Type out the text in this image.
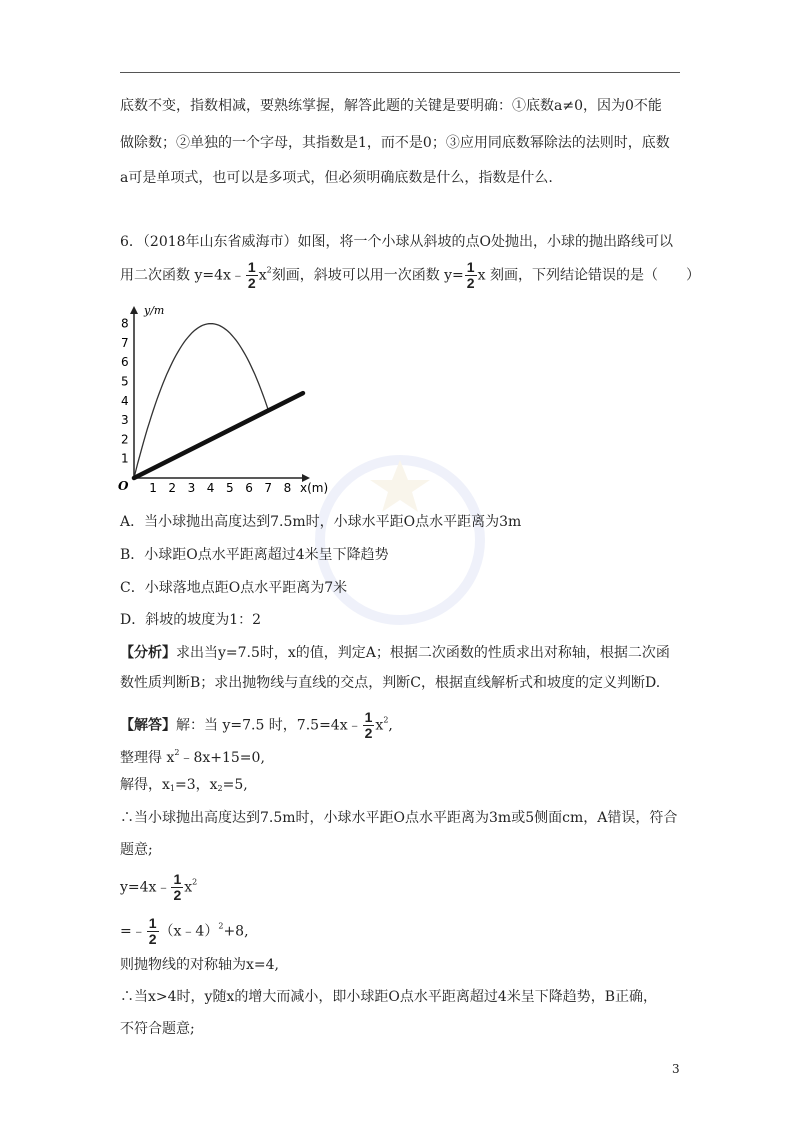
底数不变，指数相减，要熟练掌握，解答此题的关键是要明确：①底数a≠0，因为0不能
做除数；②单独的一个字母，其指数是1，而不是0；③应用同底数幂除法的法则时，底数
a可是单项式，也可以是多项式，但必须明确底数是什么，指数是什么.
6．（2018年山东省威海市）如图，将一个小球从斜坡的点O处抛出，小球的抛出路线可以
用二次函数 y=4x﹣ $\frac{1}{2} x^2$刻画，斜坡可以用一次函数 $y= \frac{1}{2}$ x 刻画，下列结论错误的是（　　）
y/m
x(m)
O 1 2 3 4 5 6 7 8
1
2
3
4
5
6
7
8
A．当小球抛出高度达到7.5m时，小球水平距O点水平距离为3m
B．小球距O点水平距离超过4米呈下降趋势
C．小球落地点距O点水平距离为7米
D．斜坡的坡度为1：2
【分析】求出当y=7.5时，x的值，判定A；根据二次函数的性质求出对称轴，根据二次函
数性质判断B；求出抛物线与直线的交点，判断C，根据直线解析式和坡度的定义判断D.
【解答】解：当 y=7.5 时，7.5=4x﹣ $\frac{1}{2} x^2$,
整理得 $x^2﹣8x+15=0$,
解得，$x_1=3$，$x_2=5$,
∴当小球抛出高度达到7.5m时，小球水平距O点水平距离为3m或5侧面cm，A错误，符合
题意;
y=4x﹣ $\frac{1}{2} x^2$
=﹣ $\frac{1}{2}$ （x﹣4）$^2$+8,
则抛物线的对称轴为x=4,
∴当x>4时，y随x的增大而减小，即小球距O点水平距离超过4米呈下降趋势，B正确，
不符合题意;
3
